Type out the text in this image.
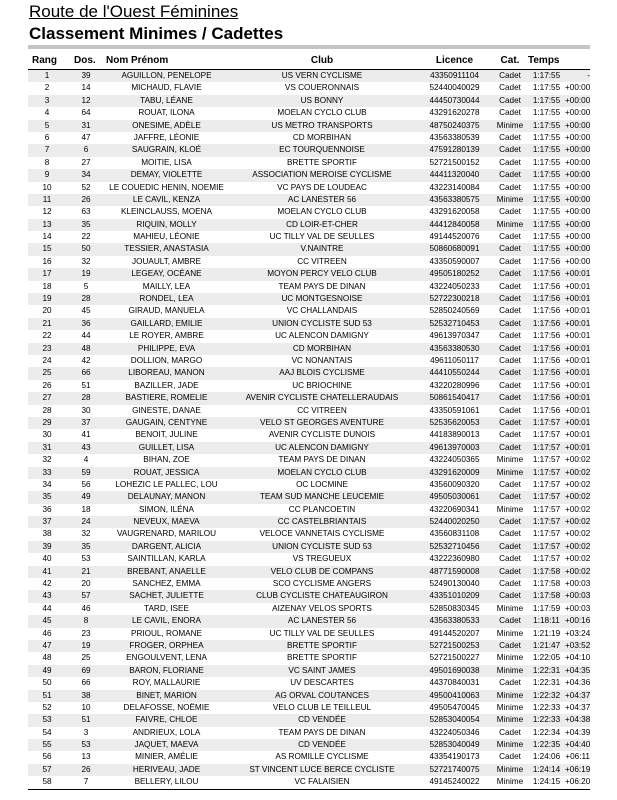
Route de l'Ouest Féminines
Classement Minimes / Cadettes
Rang	Dos.	Nom Prénom	Club	Licence	Cat. Temps
1	39	AGUILLON, PENELOPE	US VERN CYCLISME	43350911104	Cadet	1:17:55	-
2	14	MICHAUD, FLAVIE	VS COUERONNAIS	52440040029	Cadet	1:17:55 +00:00
3	12	TABU, LÉANE	US BONNY	44450730044	Cadet	1:17:55 +00:00
4	64	ROUAT, ILONA	MOELAN CYCLO CLUB	43291620278	Cadet	1:17:55 +00:00
5	31	ONESIME, ADÈLE	US METRO TRANSPORTS	48750240375	Minime	1:17:55 +00:00
6	47	JAFFRE, LÉONIE	CD MORBIHAN	43563380539	Cadet	1:17:55 +00:00
7	6	SAUGRAIN, KLOÉ	EC TOURQUENNOISE	47591280139	Cadet	1:17:55 +00:00
8	27	MOITIE, LISA	BRETTE SPORTIF	52721500152	Cadet	1:17:55 +00:00
9	34	DEMAY, VIOLETTE	ASSOCIATION MEROISE CYCLISME	44411320040	Cadet	1:17:55 +00:00
10	52	LE COUEDIC HENIN, NOEMIE	VC PAYS DE LOUDEAC	43223140084	Cadet	1:17:55 +00:00
11	26	LE CAVIL, KENZA	AC LANESTER 56	43563380575	Minime	1:17:55 +00:00
12	63	KLEINCLAUSS, MOENA	MOELAN CYCLO CLUB	43291620058	Cadet	1:17:55 +00:00
13	35	RIQUIN, MOLLY	CD LOIR-ET-CHER	44412840058	Minime	1:17:55 +00:00
14	22	MAHIEU, LÉONIE	UC TILLY VAL DE SEULLES	49144520076	Cadet	1:17:55 +00:00
15	50	TESSIER, ANASTASIA	V.NAINTRE	50860680091	Cadet	1:17:55 +00:00
16	32	JOUAULT, AMBRE	CC VITREEN	43350590007	Cadet	1:17:56 +00:00
17	19	LEGEAY, OCÉANE	MOYON PERCY VELO CLUB	49505180252	Cadet	1:17:56 +00:01
18	5	MAILLY, LEA	TEAM PAYS DE DINAN	43224050233	Cadet	1:17:56 +00:01
19	28	RONDEL, LEA	UC MONTGESNOISE	52722300218	Cadet	1:17:56 +00:01
20	45	GIRAUD, MANUELA	VC CHALLANDAIS	52850240569	Cadet	1:17:56 +00:01
21	36	GAILLARD, EMILIE	UNION CYCLISTE SUD 53	52532710453	Cadet	1:17:56 +00:01
22	44	LE ROYER, AMBRE	UC ALENCON DAMIGNY	49613970347	Cadet	1:17:56 +00:01
23	48	PHILIPPE, EVA	CD MORBIHAN	43563380530	Cadet	1:17:56 +00:01
24	42	DOLLION, MARGO	VC NONANTAIS	49611050117	Cadet	1:17:56 +00:01
25	66	LIBOREAU, MANON	AAJ BLOIS CYCLISME	44410550244	Cadet	1:17:56 +00:01
26	51	BAZILLER, JADE	UC BRIOCHINE	43220280996	Cadet	1:17:56 +00:01
27	28	BASTIERE, ROMELIE	AVENIR CYCLISTE CHATELLERAUDAIS	50861540417	Cadet	1:17:56 +00:01
28	30	GINESTE, DANAE	CC VITREEN	43350591061	Cadet	1:17:56 +00:01
29	37	GAUGAIN, CENTYNE	VELO ST GEORGES AVENTURE	52535620053	Cadet	1:17:57 +00:01
30	41	BENOIT, JULINE	AVENIR CYCLISTE DUNOIS	44183890013	Cadet	1:17:57 +00:01
31	43	GUILLET, LISA	UC ALENCON DAMIGNY	49613970003	Cadet	1:17:57 +00:01
32	4	BIHAN, ZOE	TEAM PAYS DE DINAN	43224050365	Minime	1:17:57 +00:02
33	59	ROUAT, JESSICA	MOELAN CYCLO CLUB	43291620009	Minime	1:17:57 +00:02
34	56	LOHEZIC LE PALLEC, LOU	OC LOCMINE	43560090320	Cadet	1:17:57 +00:02
35	49	DELAUNAY, MANON	TEAM SUD MANCHE LEUCEMIE	49505030061	Cadet	1:17:57 +00:02
36	18	SIMON, ILÉNA	CC PLANCOETIN	43220690341	Minime	1:17:57 +00:02
37	24	NEVEUX, MAEVA	CC CASTELBRIANTAIS	52440020250	Cadet	1:17:57 +00:02
38	32	VAUGRENARD, MARILOU	VELOCE VANNETAIS CYCLISME	43560831108	Cadet	1:17:57 +00:02
39	35	DARGENT, ALICIA	UNION CYCLISTE SUD 53	52532710456	Cadet	1:17:57 +00:02
40	53	SAINTILLAN, KARLA	VS TREGUEUX	43222360980	Cadet	1:17:57 +00:02
41	21	BREBANT, ANAELLE	VELO CLUB DE COMPANS	48771590008	Cadet	1:17:58 +00:02
42	20	SANCHEZ, EMMA	SCO CYCLISME ANGERS	52490130040	Cadet	1:17:58 +00:03
43	57	SACHET, JULIETTE	CLUB CYCLISTE CHATEAUGIRON	43351010209	Cadet	1:17:58 +00:03
44	46	TARD, ISEE	AIZENAY VELOS SPORTS	52850830345	Minime	1:17:59 +00:03
45	8	LE CAVIL, ENORA	AC LANESTER 56	43563380533	Cadet	1:18:11 +00:16
46	23	PRIOUL, ROMANE	UC TILLY VAL DE SEULLES	49144520207	Minime	1:21:19 +03:24
47	19	FROGER, ORPHEA	BRETTE SPORTIF	52721500253	Cadet	1:21:47 +03:52
48	25	ENGOULVENT, LENA	BRETTE SPORTIF	52721500227	Minime	1:22:05 +04:10
49	69	BARON, FLORIANE	VC SAINT JAMES	49501690038	Minime	1:22:31 +04:35
50	66	ROY, MALLAURIE	UV DESCARTES	44370840031	Cadet	1:22:31 +04:36
51	38	BINET, MARION	AG ORVAL COUTANCES	49500410063	Minime	1:22:32 +04:37
52	10	DELAFOSSE, NOËMIE	VELO CLUB LE TEILLEUL	49505470045	Minime	1:22:33 +04:37
53	51	FAIVRE, CHLOE	CD VENDÉE	52853040054	Minime	1:22:33 +04:38
54	3	ANDRIEUX, LOLA	TEAM PAYS DE DINAN	43224050346	Cadet	1:22:34 +04:39
55	53	JAQUET, MAEVA	CD VENDÉE	52853040049	Minime	1:22:35 +04:40
56	13	MINIER, AMÉLIE	AS ROMILLE CYCLISME	43354190173	Cadet	1:24:06 +06:11
57	26	HERIVEAU, JADE	ST VINCENT LUCE BERCE CYCLISTE	52721740075	Minime	1:24:14 +06:19
58	7	BELLERY, LILOU	VC FALAISIEN	49145240022	Minime	1:24:15 +06:20
